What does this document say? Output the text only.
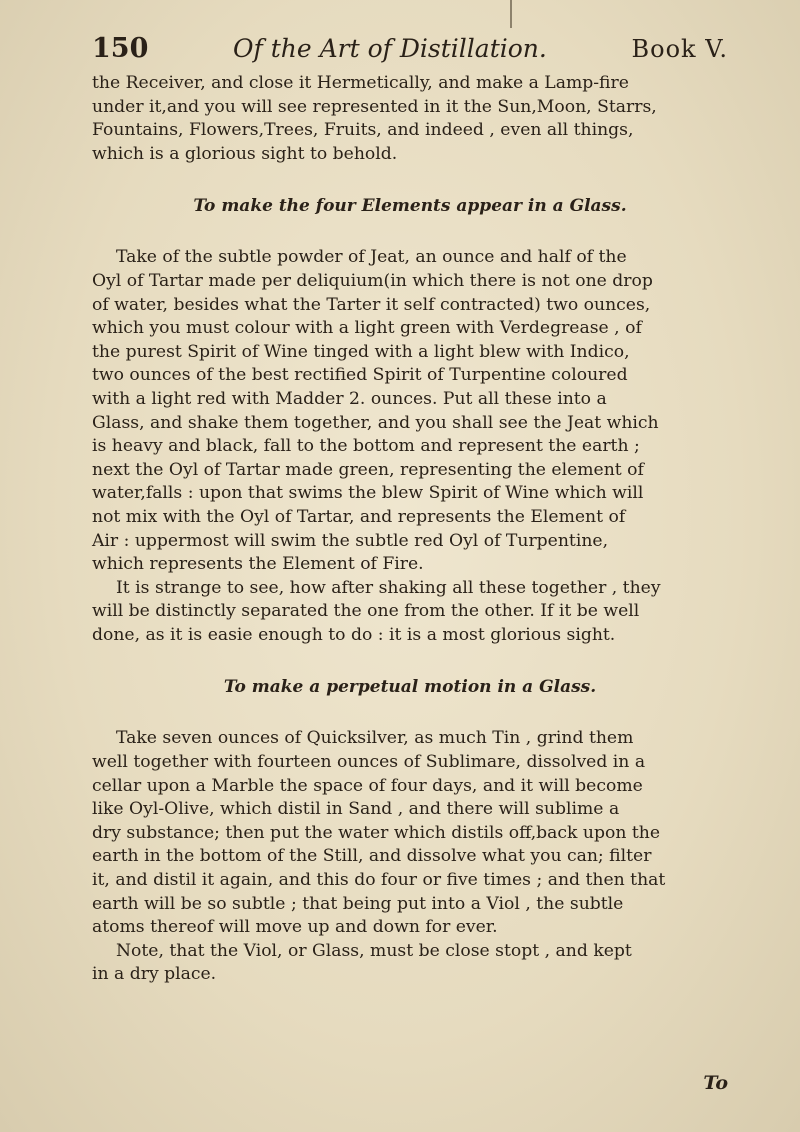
150	Of the Art of Distillation.	Book V.

the Receiver, and close it Hermetically, and make a Lamp-fire
under it,and you will see represented in it the Sun,Moon, Starrs,
Fountains, Flowers,Trees, Fruits, and indeed , even all things,
which is a glorious sight to behold.

To make the four Elements appear in a Glass.

Take of the subtle powder of Jeat, an ounce and half of the
Oyl of Tartar made per deliquium(in which there is not one drop
of water, besides what the Tarter it self contracted) two ounces,
which you must colour with a light green with Verdegrease , of
the purest Spirit of Wine tinged with a light blew with Indico,
two ounces of the best rectified Spirit of Turpentine coloured
with a light red with Madder 2. ounces. Put all these into a
Glass, and shake them together, and you shall see the Jeat which
is heavy and black, fall to the bottom and represent the earth ;
next the Oyl of Tartar made green, representing the element of
water,falls : upon that swims the blew Spirit of Wine which will
not mix with the Oyl of Tartar, and represents the Element of
Air : uppermost will swim the subtle red Oyl of Turpentine,
which represents the Element of Fire.

It is strange to see, how after shaking all these together , they
will be distinctly separated the one from the other. If it be well
done, as it is easie enough to do : it is a most glorious sight.

To make a perpetual motion in a Glass.

Take seven ounces of Quicksilver, as much Tin , grind them
well together with fourteen ounces of Sublimare, dissolved in a
cellar upon a Marble the space of four days, and it will become
like Oyl-Olive, which distil in Sand , and there will sublime a
dry substance; then put the water which distils off,back upon the
earth in the bottom of the Still, and dissolve what you can; filter
it, and distil it again, and this do four or five times ; and then that
earth will be so subtle ; that being put into a Viol , the subtle
atoms thereof will move up and down for ever.

Note, that the Viol, or Glass, must be close stopt , and kept
in a dry place.

To
